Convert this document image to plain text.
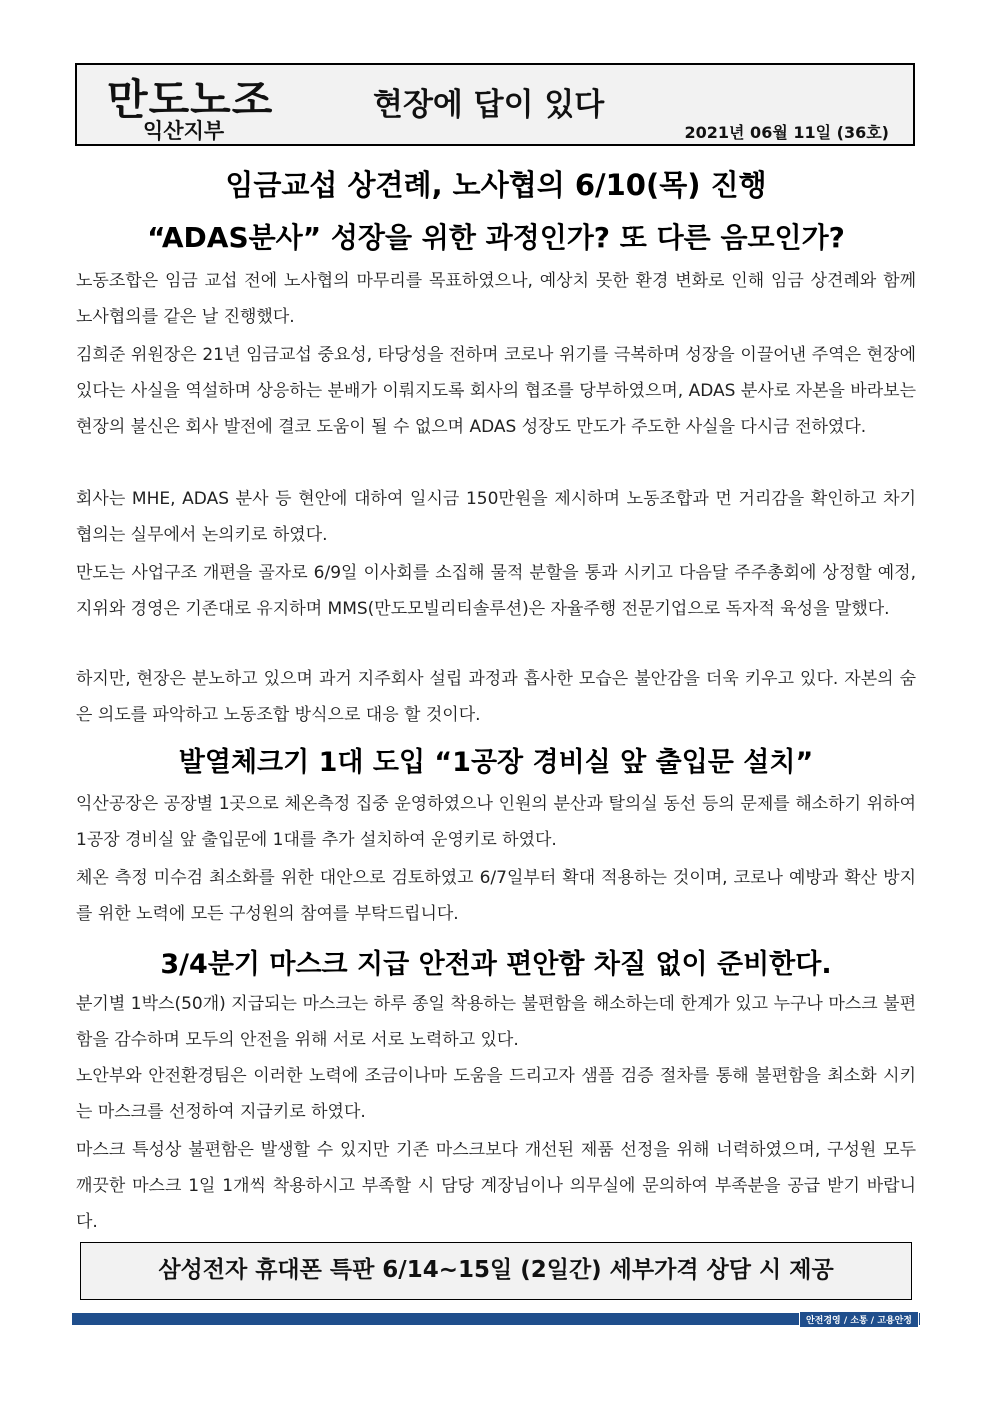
만도노조
익산지부
현장에 답이 있다
2021년 06월 11일 (36호)
임금교섭 상견례, 노사협의 6/10(목) 진행
“ADAS분사” 성장을 위한 과정인가? 또 다른 음모인가?
노동조합은 임금 교섭 전에 노사협의 마무리를 목표하였으나, 예상치 못한 환경 변화로 인해 임금 상견례와 함께 노사협의를 같은 날 진행했다.
김희준 위원장은 21년 임금교섭 중요성, 타당성을 전하며 코로나 위기를 극복하며 성장을 이끌어낸 주역은 현장에 있다는 사실을 역설하며 상응하는 분배가 이뤄지도록 회사의 협조를 당부하였으며, ADAS 분사로 자본을 바라보는 현장의 불신은 회사 발전에 결코 도움이 될 수 없으며 ADAS 성장도 만도가 주도한 사실을 다시금 전하였다.
회사는 MHE, ADAS 분사 등 현안에 대하여 일시금 150만원을 제시하며 노동조합과 먼 거리감을 확인하고 차기 협의는 실무에서 논의키로 하였다.
만도는 사업구조 개편을 골자로 6/9일 이사회를 소집해 물적 분할을 통과 시키고 다음달 주주총회에 상정할 예정, 지위와 경영은 기존대로 유지하며 MMS(만도모빌리티솔루션)은 자율주행 전문기업으로 독자적 육성을 말했다.
하지만, 현장은 분노하고 있으며 과거 지주회사 설립 과정과 흡사한 모습은 불안감을 더욱 키우고 있다. 자본의 숨은 의도를 파악하고 노동조합 방식으로 대응 할 것이다.
발열체크기 1대 도입 “1공장 경비실 앞 출입문 설치”
익산공장은 공장별 1곳으로 체온측정 집중 운영하였으나 인원의 분산과 탈의실 동선 등의 문제를 해소하기 위하여 1공장 경비실 앞 출입문에 1대를 추가 설치하여 운영키로 하였다.
체온 측정 미수검 최소화를 위한 대안으로 검토하였고 6/7일부터 확대 적용하는 것이며, 코로나 예방과 확산 방지를 위한 노력에 모든 구성원의 참여를 부탁드립니다.
3/4분기 마스크 지급 안전과 편안함 차질 없이 준비한다.
분기별 1박스(50개) 지급되는 마스크는 하루 종일 착용하는 불편함을 해소하는데 한계가 있고 누구나 마스크 불편함을 감수하며 모두의 안전을 위해 서로 서로 노력하고 있다.
노안부와 안전환경팀은 이러한 노력에 조금이나마 도움을 드리고자 샘플 검증 절차를 통해 불편함을 최소화 시키는 마스크를 선정하여 지급키로 하였다.
마스크 특성상 불편함은 발생할 수 있지만 기존 마스크보다 개선된 제품 선정을 위해 너력하였으며, 구성원 모두 깨끗한 마스크 1일 1개씩 착용하시고 부족할 시 담당 계장님이나 의무실에 문의하여 부족분을 공급 받기 바랍니다.
삼성전자 휴대폰 특판 6/14~15일 (2일간) 세부가격 상담 시 제공
안전경영 / 소통 / 고용안정
